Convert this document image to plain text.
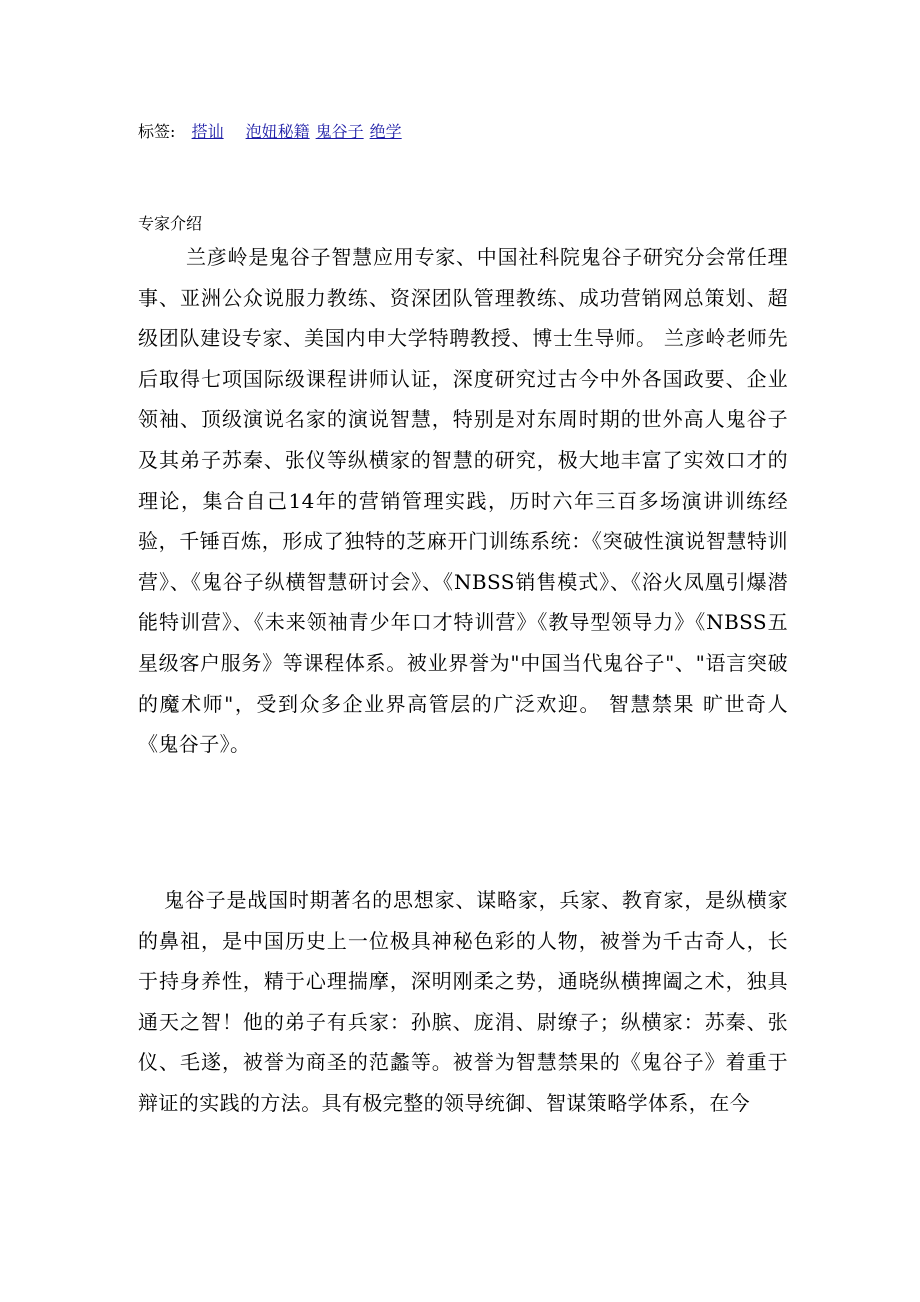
标签: 搭讪 泡妞秘籍 鬼谷子 绝学
专家介绍

兰彦岭是鬼谷子智慧应用专家、中国社科院鬼谷子研究分会常任理事、亚洲公众说服力教练、资深团队管理教练、成功营销网总策划、超级团队建设专家、美国内申大学特聘教授、博士生导师。 兰彦岭老师先后取得七项国际级课程讲师认证，深度研究过古今中外各国政要、企业领袖、顶级演说名家的演说智慧，特别是对东周时期的世外高人鬼谷子及其弟子苏秦、张仪等纵横家的智慧的研究，极大地丰富了实效口才的理论，集合自己14年的营销管理实践，历时六年三百多场演讲训练经验，千锤百炼，形成了独特的芝麻开门训练系统：《突破性演说智慧特训营》、《鬼谷子纵横智慧研讨会》、《NBSS销售模式》、《浴火凤凰引爆潜能特训营》、《未来领袖青少年口才特训营》《教导型领导力》《NBSS五星级客户服务》等课程体系。被业界誉为"中国当代鬼谷子"、"语言突破的魔术师"，受到众多企业界高管层的广泛欢迎。 智慧禁果 旷世奇人 《鬼谷子》。

鬼谷子是战国时期著名的思想家、谋略家，兵家、教育家，是纵横家的鼻祖，是中国历史上一位极具神秘色彩的人物，被誉为千古奇人，长于持身养性，精于心理揣摩，深明刚柔之势，通晓纵横捭阖之术，独具通天之智！他的弟子有兵家：孙膑、庞涓、尉缭子；纵横家：苏秦、张仪、毛遂，被誉为商圣的范蠡等。被誉为智慧禁果的《鬼谷子》着重于辩证的实践的方法。具有极完整的领导统御、智谋策略学体系，在今
